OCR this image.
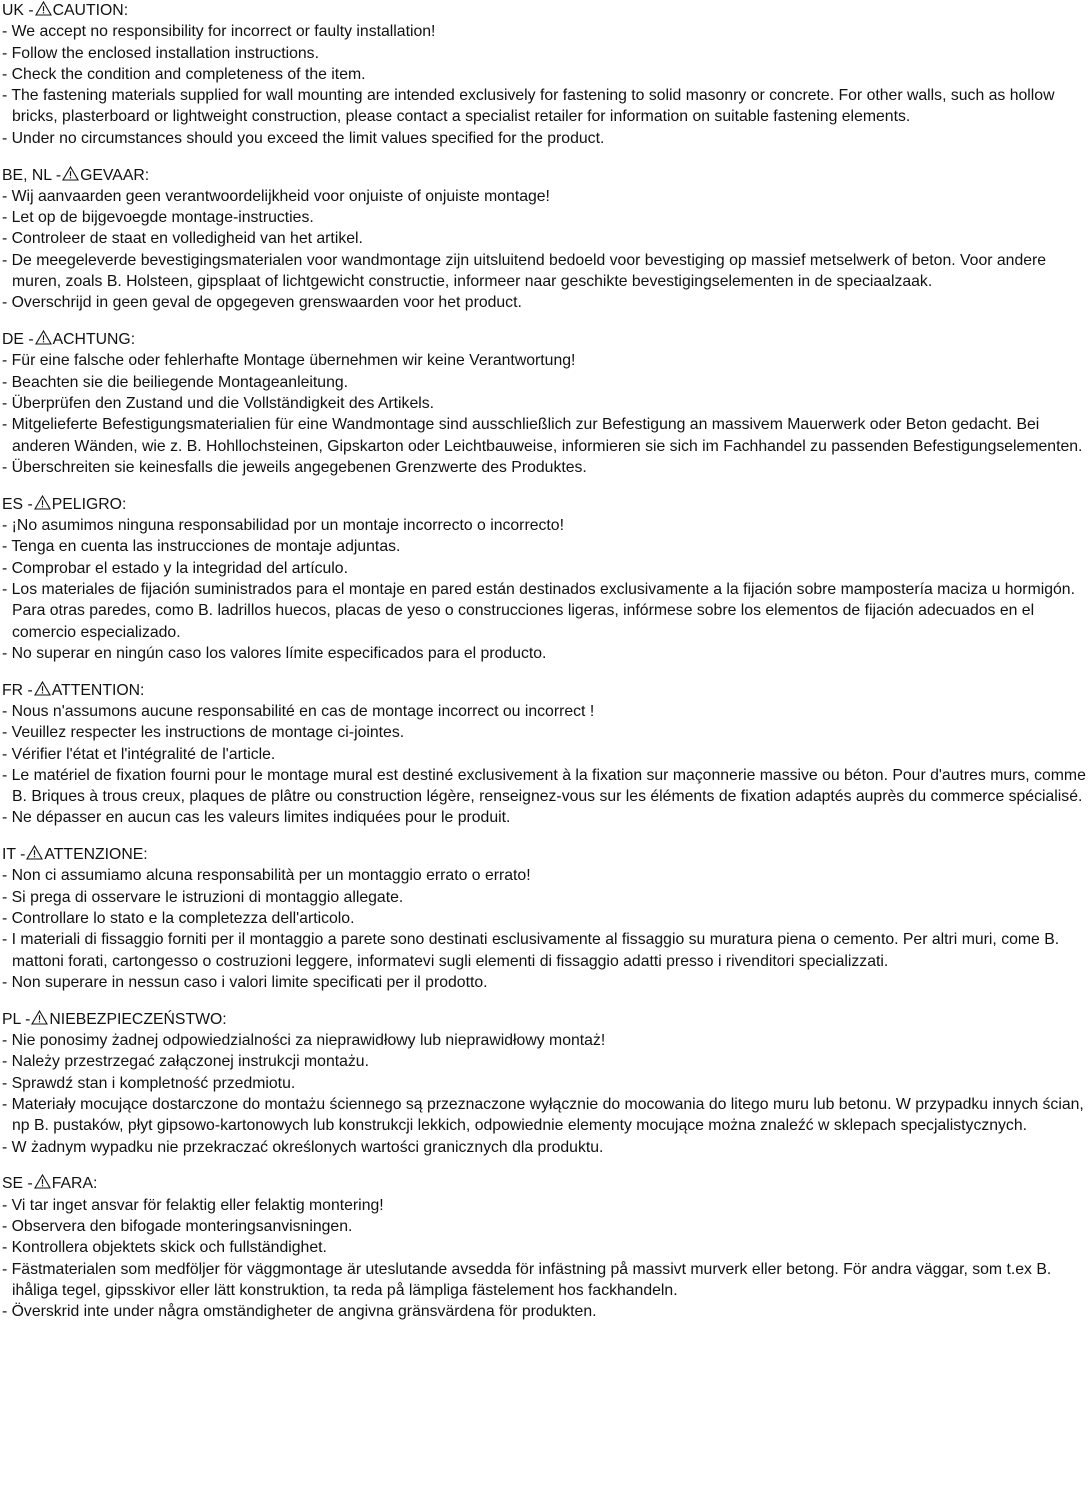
UK - CAUTION:
- We accept no responsibility for incorrect or faulty installation!
- Follow the enclosed installation instructions.
- Check the condition and completeness of the item.
- The fastening materials supplied for wall mounting are intended exclusively for fastening to solid masonry or concrete. For other walls, such as hollow bricks, plasterboard or lightweight construction, please contact a specialist retailer for information on suitable fastening elements.
- Under no circumstances should you exceed the limit values specified for the product.
BE, NL - GEVAAR:
- Wij aanvaarden geen verantwoordelijkheid voor onjuiste of onjuiste montage!
- Let op de bijgevoegde montage-instructies.
- Controleer de staat en volledigheid van het artikel.
- De meegeleverde bevestigingsmaterialen voor wandmontage zijn uitsluitend bedoeld voor bevestiging op massief metselwerk of beton. Voor andere muren, zoals B. Holsteen, gipsplaat of lichtgewicht constructie, informeer naar geschikte bevestigingselementen in de speciaalzaak.
- Overschrijd in geen geval de opgegeven grenswaarden voor het product.
DE - ACHTUNG:
- Für eine falsche oder fehlerhafte Montage übernehmen wir keine Verantwortung!
- Beachten sie die beiliegende Montageanleitung.
- Überprüfen den Zustand und die Vollständigkeit des Artikels.
- Mitgelieferte Befestigungsmaterialien für eine Wandmontage sind ausschließlich zur Befestigung an massivem Mauerwerk oder Beton gedacht. Bei anderen Wänden, wie z. B. Hohllochsteinen, Gipskarton oder Leichtbauweise, informieren sie sich im Fachhandel zu passenden Befestigungselementen.
- Überschreiten sie keinesfalls die jeweils angegebenen Grenzwerte des Produktes.
ES - PELIGRO:
- ¡No asumimos ninguna responsabilidad por un montaje incorrecto o incorrecto!
- Tenga en cuenta las instrucciones de montaje adjuntas.
- Comprobar el estado y la integridad del artículo.
- Los materiales de fijación suministrados para el montaje en pared están destinados exclusivamente a la fijación sobre mampostería maciza u hormigón. Para otras paredes, como B. ladrillos huecos, placas de yeso o construcciones ligeras, infórmese sobre los elementos de fijación adecuados en el comercio especializado.
- No superar en ningún caso los valores límite especificados para el producto.
FR - ATTENTION:
- Nous n'assumons aucune responsabilité en cas de montage incorrect ou incorrect !
- Veuillez respecter les instructions de montage ci-jointes.
- Vérifier l'état et l'intégralité de l'article.
- Le matériel de fixation fourni pour le montage mural est destiné exclusivement à la fixation sur maçonnerie massive ou béton. Pour d'autres murs, comme B. Briques à trous creux, plaques de plâtre ou construction légère, renseignez-vous sur les éléments de fixation adaptés auprès du commerce spécialisé.
- Ne dépasser en aucun cas les valeurs limites indiquées pour le produit.
IT - ATTENZIONE:
- Non ci assumiamo alcuna responsabilità per un montaggio errato o errato!
- Si prega di osservare le istruzioni di montaggio allegate.
- Controllare lo stato e la completezza dell'articolo.
- I materiali di fissaggio forniti per il montaggio a parete sono destinati esclusivamente al fissaggio su muratura piena o cemento. Per altri muri, come B. mattoni forati, cartongesso o costruzioni leggere, informatevi sugli elementi di fissaggio adatti presso i rivenditori specializzati.
- Non superare in nessun caso i valori limite specificati per il prodotto.
PL - NIEBEZPIECZEŃSTWO:
- Nie ponosimy żadnej odpowiedzialności za nieprawidłowy lub nieprawidłowy montaż!
- Należy przestrzegać załączonej instrukcji montażu.
- Sprawdź stan i kompletność przedmiotu.
- Materiały mocujące dostarczone do montażu ściennego są przeznaczone wyłącznie do mocowania do litego muru lub betonu. W przypadku innych ścian, np B. pustaków, płyt gipsowo-kartonowych lub konstrukcji lekkich, odpowiednie elementy mocujące można znaleźć w sklepach specjalistycznych.
- W żadnym wypadku nie przekraczać określonych wartości granicznych dla produktu.
SE - FARA:
- Vi tar inget ansvar för felaktig eller felaktig montering!
- Observera den bifogade monteringsanvisningen.
- Kontrollera objektets skick och fullständighet.
- Fästmaterialen som medföljer för väggmontage är uteslutande avsedda för infästning på massivt murverk eller betong. För andra väggar, som t.ex B. ihåliga tegel, gipsskivor eller lätt konstruktion, ta reda på lämpliga fästelement hos fackhandeln.
- Överskrid inte under några omständigheter de angivna gränsvärdena för produkten.
